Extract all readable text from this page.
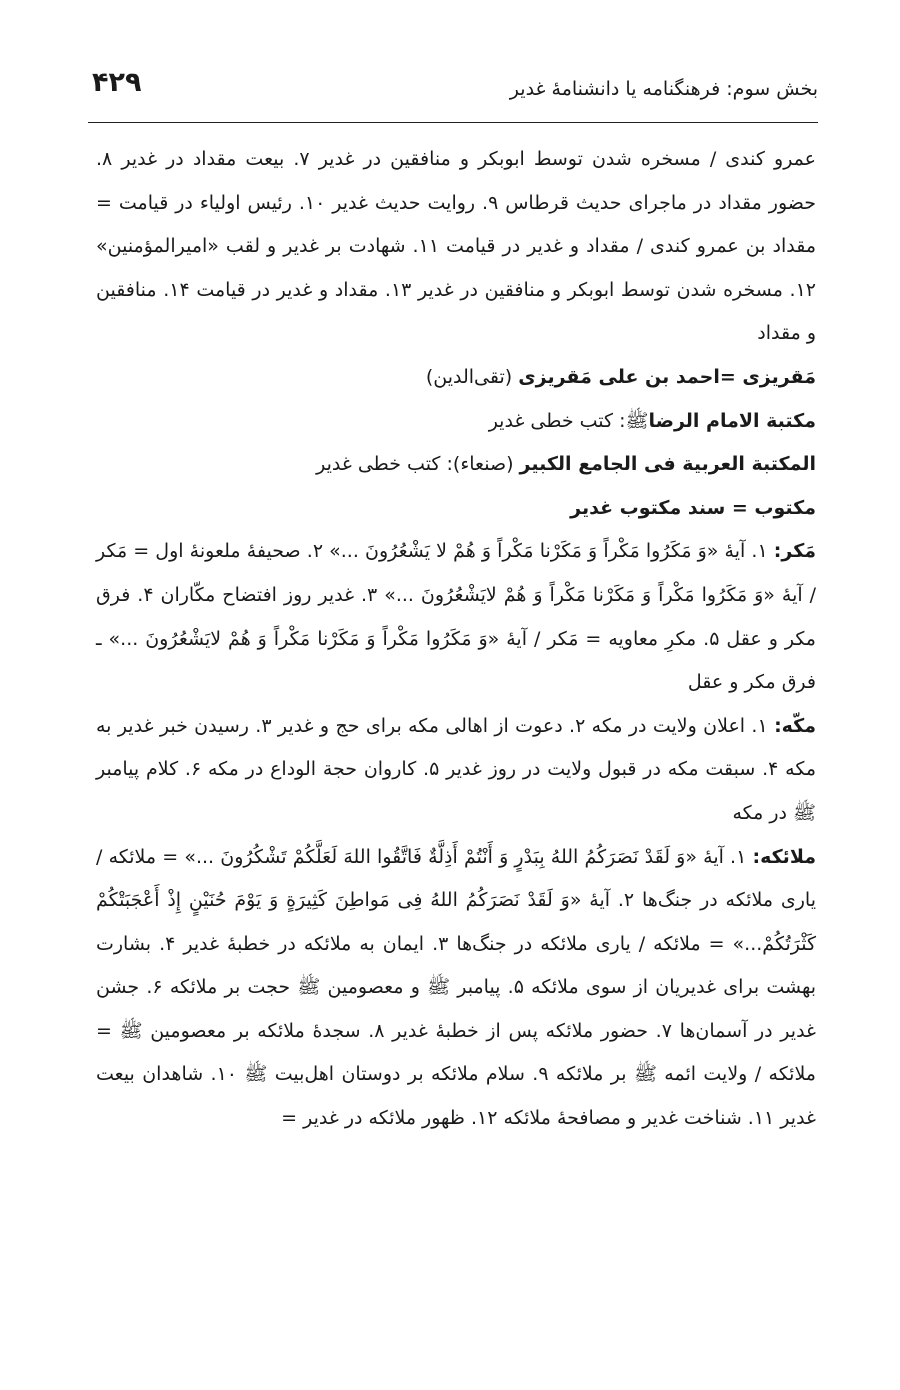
بخش سوم: فرهنگنامه یا دانشنامۀ غدیر
۴۲۹

عمرو کندی / مسخره شدن توسط ابوبکر و منافقین در غدیر ۷. بیعت مقداد در غدیر ۸. حضور مقداد در ماجرای حدیث قرطاس ۹. روایت حدیث غدیر ۱۰. رئیس اولیاء در قیامت = مقداد بن عمرو کندی / مقداد و غدیر در قیامت ۱۱. شهادت بر غدیر و لقب «امیرالمؤمنین» ۱۲. مسخره شدن توسط ابوبکر و منافقین در غدیر ۱۳. مقداد و غدیر در قیامت ۱۴. منافقین و مقداد

مَقریزی =احمد بن علی مَقریزی (تقی‌الدین)

مکتبة الامام الرضاﷺ: کتب خطی غدیر

المکتبة العربیة فی الجامع الکبیر (صنعاء): کتب خطی غدیر

مکتوب = سند مکتوب غدیر

مَکر: ۱. آیۀ «وَ مَکَرُوا مَکْراً وَ مَکَرْنا مَکْراً وَ هُمْ لا یَشْعُرُونَ ...» ۲. صحیفۀ ملعونۀ اول = مَکر / آیۀ «وَ مَکَرُوا مَکْراً وَ مَکَرْنا مَکْراً وَ هُمْ لایَشْعُرُونَ ...» ۳. غدیر روز افتضاح مکّاران ۴. فرق مکر و عقل ۵. مکرِ معاویه = مَکر / آیۀ «وَ مَکَرُوا مَکْراً وَ مَکَرْنا مَکْراً وَ هُمْ لایَشْعُرُونَ ...» ـ فرق مکر و عقل

مکّه: ۱. اعلان ولایت در مکه ۲. دعوت از اهالی مکه برای حج و غدیر ۳. رسیدن خبر غدیر به مکه ۴. سبقت مکه در قبول ولایت در روز غدیر ۵. کاروان حجة الوداع در مکه ۶. کلام پیامبر ﷺ در مکه

ملائکه: ۱. آیۀ «وَ لَقَدْ نَصَرَکُمُ اللهُ بِبَدْرٍ وَ أَنْتُمْ أَذِلَّةٌ فَاتَّقُوا اللهَ لَعَلَّکُمْ تَشْکُرُونَ ...» = ملائکه /یاری ملائکه در جنگ‌ها ۲. آیۀ «وَ لَقَدْ نَصَرَکُمُ اللهُ فِی مَواطِنَ کَثِیرَةٍ وَ یَوْمَ حُنَیْنٍ إِذْ أَعْجَبَتْکُمْ کَثْرَتُکُمْ...» = ملائکه / یاری ملائکه در جنگ‌ها ۳. ایمان به ملائکه در خطبۀ غدیر ۴. بشارت بهشت برای غدیریان از سوی ملائکه ۵. پیامبر ﷺ و معصومین ﷺ حجت بر ملائکه ۶. جشن غدیر در آسمان‌ها ۷. حضور ملائکه پس از خطبۀ غدیر ۸. سجدۀ ملائکه بر معصومین ﷺ = ملائکه / ولایت ائمه ﷺ بر ملائکه ۹. سلام ملائکه بر دوستان اهل‌بیت ﷺ ۱۰. شاهدان بیعت غدیر ۱۱. شناخت غدیر و مصافحۀ ملائکه ۱۲. ظهور ملائکه در غدیر =
